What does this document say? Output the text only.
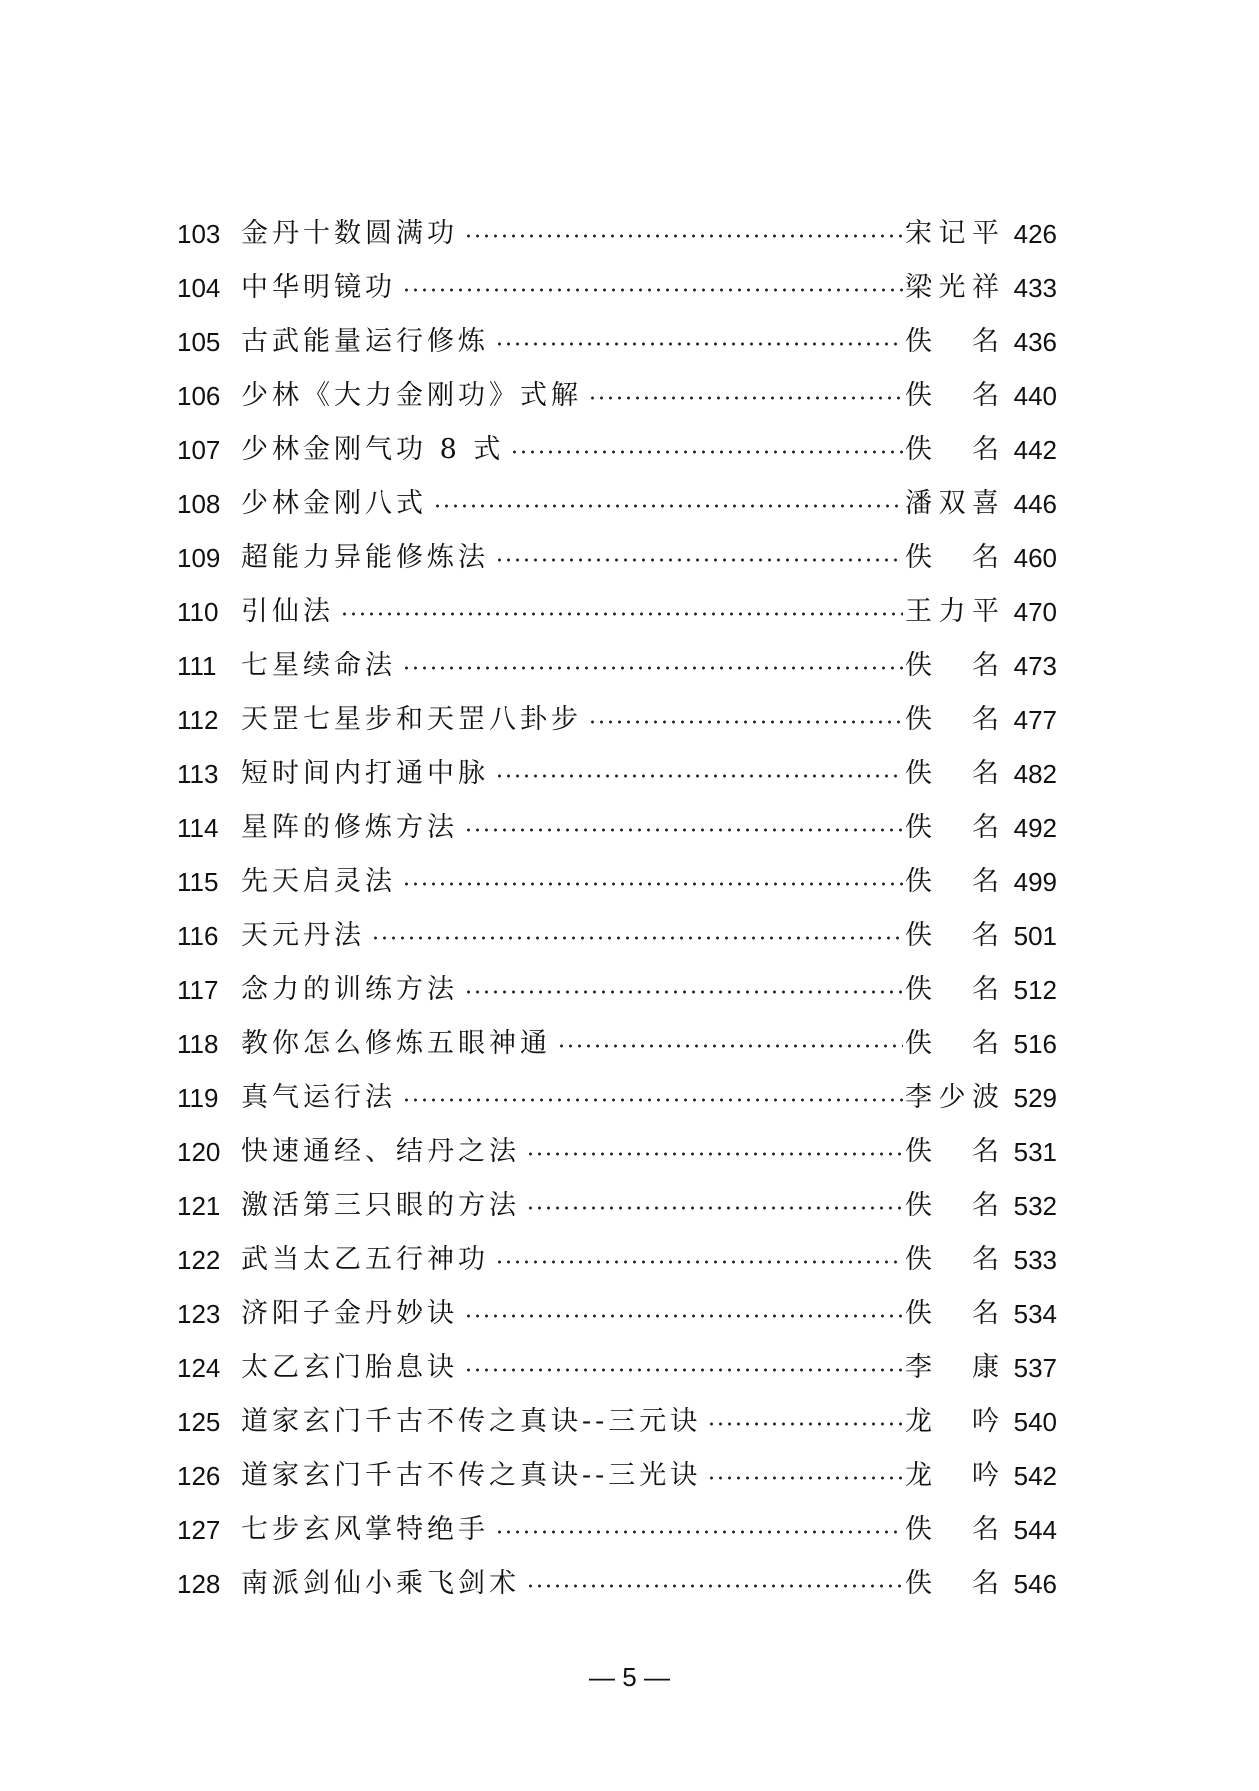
103 金丹十数圆满功	宋 记 平 426
104 中华明镜功	梁 光 祥 433
105 古武能量运行修炼	佚 名 436
106 少林《大力金刚功》式解	佚 名 440
107 少林金刚气功 8 式	佚 名 442
108 少林金刚八式	潘 双 喜 446
109 超能力异能修炼法	佚 名 460
110 引仙法	王 力 平 470
111 七星续命法	佚 名 473
112 天罡七星步和天罡八卦步	佚 名 477
113 短时间内打通中脉	佚 名 482
114 星阵的修炼方法	佚 名 492
115 先天启灵法	佚 名 499
116 天元丹法	佚 名 501
117 念力的训练方法	佚 名 512
118 教你怎么修炼五眼神通	佚 名 516
119 真气运行法	李 少 波 529
120 快速通经、结丹之法	佚 名 531
121 激活第三只眼的方法	佚 名 532
122 武当太乙五行神功	佚 名 533
123 济阳子金丹妙诀	佚 名 534
124 太乙玄门胎息诀	李 康 537
125 道家玄门千古不传之真诀--三元诀	龙 吟 540
126 道家玄门千古不传之真诀--三光诀	龙 吟 542
127 七步玄风掌特绝手	佚 名 544
128 南派剑仙小乘飞剑术	佚 名 546
— 5 —
